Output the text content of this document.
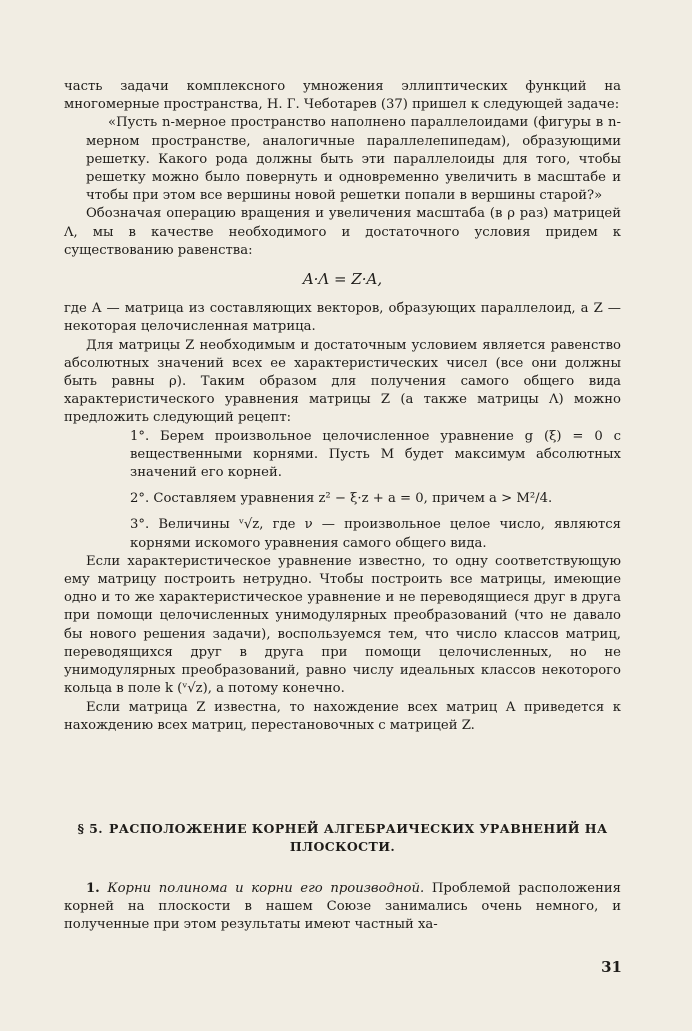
часть задачи комплексного умножения эллиптических функций на многомерные пространства, Н. Г. Чеботарев (37) пришел к следующей задаче:

«Пусть n-мерное пространство наполнено параллелоидами (фигуры в n-мерном пространстве, аналогичные параллелепипедам), образующими решетку. Какого рода должны быть эти параллелоиды для того, чтобы решетку можно было повернуть и одновременно увеличить в масштабе и чтобы при этом все вершины новой решетки попали в вершины старой?»

Обозначая операцию вращения и увеличения масштаба (в ρ раз) матрицей Λ, мы в качестве необходимого и достаточного условия придем к существованию равенства:

A·Λ = Z·A,

где A — матрица из составляющих векторов, образующих параллелоид, а Z — некоторая целочисленная матрица.

Для матрицы Z необходимым и достаточным условием является равенство абсолютных значений всех ее характеристических чисел (все они должны быть равны ρ). Таким образом для получения самого общего вида характеристического уравнения матрицы Z (а также матрицы Λ) можно предложить следующий рецепт:

1°. Берем произвольное целочисленное уравнение g (ξ) = 0 с вещественными корнями. Пусть M будет максимум абсолютных значений его корней.

2°. Составляем уравнения z² − ξ·z + a = 0, причем a > M²/4.

3°. Величины ᵛ√z, где ν — произвольное целое число, являются корнями искомого уравнения самого общего вида.

Если характеристическое уравнение известно, то одну соответствующую ему матрицу построить нетрудно. Чтобы построить все матрицы, имеющие одно и то же характеристическое уравнение и не переводящиеся друг в друга при помощи целочисленных унимодулярных преобразований (что не давало бы нового решения задачи), воспользуемся тем, что число классов матриц, переводящихся друг в друга при помощи целочисленных, но не унимодулярных преобразований, равно числу идеальных классов некоторого кольца в поле k (ᵛ√z), а потому конечно.

Если матрица Z известна, то нахождение всех матриц A приведется к нахождению всех матриц, перестановочных с матрицей Z.

§ 5. РАСПОЛОЖЕНИЕ КОРНЕЙ АЛГЕБРАИЧЕСКИХ УРАВНЕНИЙ НА ПЛОСКОСТИ.

1. Корни полинома и корни его производной. Проблемой расположения корней на плоскости в нашем Союзе занимались очень немного, и полученные при этом результаты имеют частный ха-

31
